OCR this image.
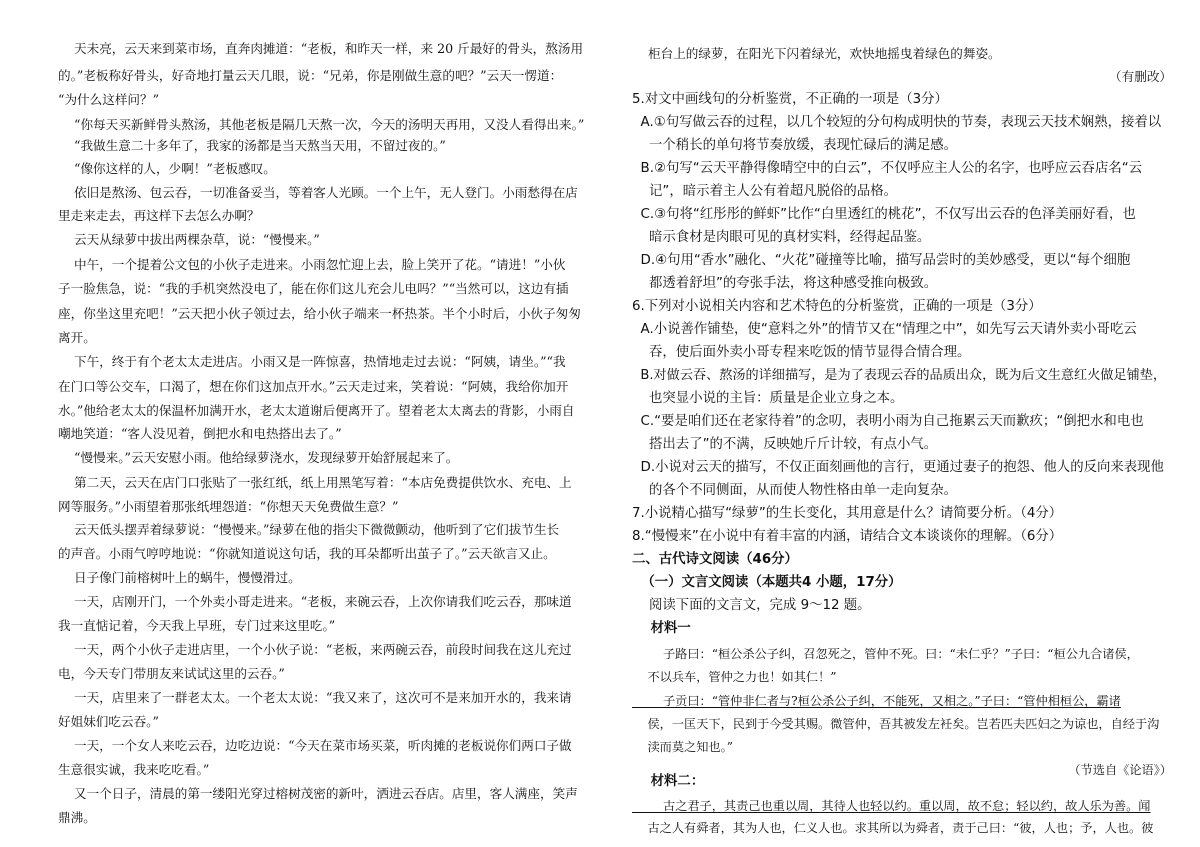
天未亮，云天来到菜市场，直奔肉摊道：“老板，和昨天一样，来 20 斤最好的骨头，熬汤用
的。”老板称好骨头，好奇地打量云天几眼，说：“兄弟，你是刚做生意的吧？”云天一愣道：
“为什么这样问？”
“你每天买新鲜骨头熬汤，其他老板是隔几天熬一次，今天的汤明天再用，又没人看得出来。”
“我做生意二十多年了，我家的汤都是当天熬当天用，不留过夜的。”
“像你这样的人，少啊！”老板感叹。
依旧是熬汤、包云吞，一切准备妥当，等着客人光顾。一个上午，无人登门。小雨愁得在店
里走来走去，再这样下去怎么办啊？
云天从绿萝中拔出两棵杂草，说：“慢慢来。”
中午，一个提着公文包的小伙子走进来。小雨忽忙迎上去，脸上笑开了花。“请进！”小伙
子一脸焦急，说：“我的手机突然没电了，能在你们这儿充会儿电吗？”“当然可以，这边有插
座，你坐这里充吧！”云天把小伙子领过去，给小伙子端来一杯热茶。半个小时后，小伙子匆匆
离开。
下午，终于有个老太太走进店。小雨又是一阵惊喜，热情地走过去说：“阿姨，请坐。”“我
在门口等公交车，口渴了，想在你们这加点开水。”云天走过来，笑着说：“阿姨，我给你加开
水。”他给老太太的保温杯加满开水，老太太道谢后便离开了。望着老太太离去的背影，小雨自
嘲地笑道：“客人没见着，倒把水和电热搭出去了。”
“慢慢来。”云天安慰小雨。他给绿萝浇水，发现绿萝开始舒展起来了。
第二天，云天在店门口张贴了一张红纸，纸上用黑笔写着：“本店免费提供饮水、充电、上
网等服务。”小雨望着那张纸埋怨道：“你想天天免费做生意？”
云天低头摆弄着绿萝说：“慢慢来。”绿萝在他的指尖下微微颤动，他听到了它们拔节生长
的声音。小雨气哼哼地说：“你就知道说这句话，我的耳朵都听出茧子了。”云天欲言又止。
日子像门前榕树叶上的蜗牛，慢慢滑过。
一天，店刚开门，一个外卖小哥走进来。“老板，来碗云吞，上次你请我们吃云吞，那味道
我一直惦记着，今天我上早班，专门过来这里吃。”
一天，两个小伙子走进店里，一个小伙子说：“老板，来两碗云吞，前段时间我在这儿充过
电，今天专门带朋友来试试这里的云吞。”
一天，店里来了一群老太太。一个老太太说：“我又来了，这次可不是来加开水的，我来请
好姐妹们吃云吞。”
一天，一个女人来吃云吞，边吃边说：“今天在菜市场买菜，听肉摊的老板说你们两口子做
生意很实诚，我来吃吃看。”
又一个日子，清晨的第一缕阳光穿过榕树茂密的新叶，洒进云吞店。店里，客人满座，笑声
鼎沸。
柜台上的绿萝，在阳光下闪着绿光，欢快地摇曳着绿色的舞姿。
（有删改）
5.对文中画线句的分析鉴赏，不正确的一项是（3分）
A.①句写做云吞的过程，以几个较短的分句构成明快的节奏，表现云天技术娴熟，接着以
一个稍长的单句将节奏放缓，表现忙碌后的满足感。
B.②句写“云天平静得像晴空中的白云”，不仅呼应主人公的名字，也呼应云吞店名“云
记”，暗示着主人公有着超凡脱俗的品格。
C.③句将“红彤彤的鲜虾”比作“白里透红的桃花”，不仅写出云吞的色泽美丽好看，也
暗示食材是肉眼可见的真材实料，经得起品鉴。
D.④句用“香水”融化、“火花”碰撞等比喻，描写品尝时的美妙感受，更以“每个细胞
都透着舒坦”的夸张手法，将这种感受推向极致。
6.下列对小说相关内容和艺术特色的分析鉴赏，正确的一项是（3分）
A.小说善作铺垫，使“意料之外”的情节又在“情理之中”，如先写云天请外卖小哥吃云
吞，使后面外卖小哥专程来吃饭的情节显得合情合理。
B.对做云吞、熬汤的详细描写，是为了表现云吞的品质出众，既为后文生意红火做足铺垫，
也突显小说的主旨：质量是企业立身之本。
C.“要是咱们还在老家待着”的念叨，表明小雨为自己拖累云天而歉疚；“倒把水和电也
搭出去了”的不满，反映她斤斤计较，有点小气。
D.小说对云天的描写，不仅正面刻画他的言行，更通过妻子的抱怨、他人的反向来表现他
的各个不同侧面，从而使人物性格由单一走向复杂。
7.小说精心描写“绿萝”的生长变化，其用意是什么？请简要分析。（4分）
8.“慢慢来”在小说中有着丰富的内涵，请结合文本谈谈你的理解。（6分）
二、古代诗文阅读（46分）
（一）文言文阅读（本题共4 小题，17分）
阅读下面的文言文，完成 9～12 题。
材料一
子路曰：“桓公杀公子纠，召忽死之，管仲不死。曰：“未仁乎？”子曰：“桓公九合诸侯，
不以兵车，管仲之力也！如其仁！”
子贡曰：“管仲非仁者与?桓公杀公子纠，不能死，又相之。”子曰：“管仲相桓公，霸诸
侯，一匡天下，民到于今受其赐。微管仲，吾其被发左衽矣。岂若匹夫匹妇之为谅也，自经于沟
渎而莫之知也。”
（节选自《论语》）
材料二：
古之君子，其责己也重以周，其待人也轻以约。重以周，故不怠；轻以约，故人乐为善。闻
古之人有舜者，其为人也，仁义人也。求其所以为舜者，责于己曰：“彼，人也；予，人也。彼
